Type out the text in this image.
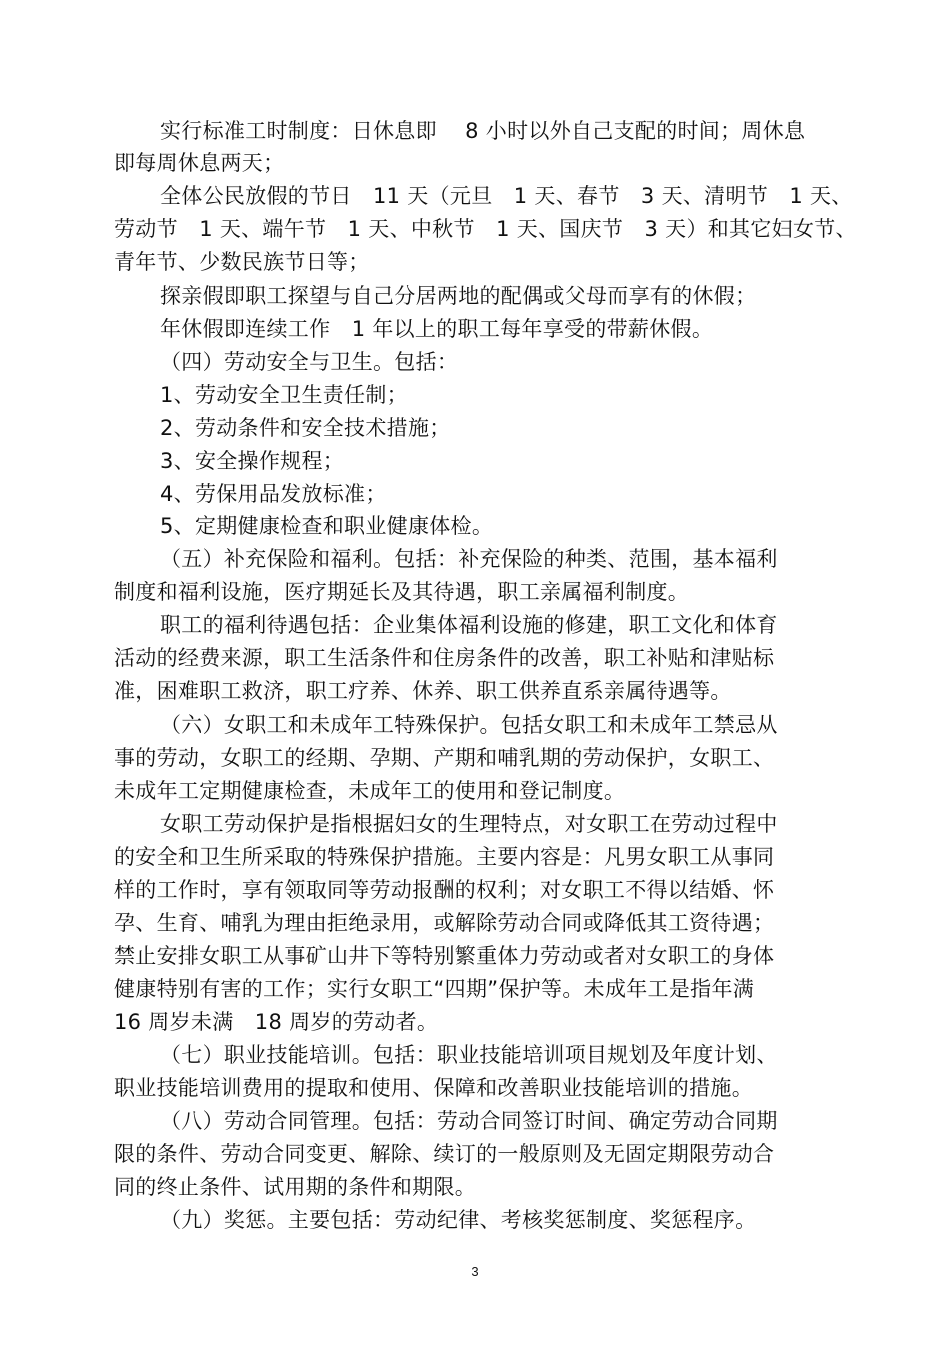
实行标准工时制度：日休息即　 8 小时以外自己支配的时间；周休息
即每周休息两天；
全体公民放假的节日　11 天（元旦　1 天、春节　3 天、清明节　1 天、
劳动节　1 天、端午节　1 天、中秋节　1 天、国庆节　3 天）和其它妇女节、
青年节、少数民族节日等；
探亲假即职工探望与自己分居两地的配偶或父母而享有的休假；
年休假即连续工作　1 年以上的职工每年享受的带薪休假。
（四）劳动安全与卫生。包括：
1、劳动安全卫生责任制；
2、劳动条件和安全技术措施；
3、安全操作规程；
4、劳保用品发放标准；
5、定期健康检查和职业健康体检。
（五）补充保险和福利。包括：补充保险的种类、范围，基本福利
制度和福利设施，医疗期延长及其待遇，职工亲属福利制度。
职工的福利待遇包括：企业集体福利设施的修建，职工文化和体育
活动的经费来源，职工生活条件和住房条件的改善，职工补贴和津贴标
准，困难职工救济，职工疗养、休养、职工供养直系亲属待遇等。
（六）女职工和未成年工特殊保护。包括女职工和未成年工禁忌从
事的劳动，女职工的经期、孕期、产期和哺乳期的劳动保护，女职工、
未成年工定期健康检查，未成年工的使用和登记制度。
女职工劳动保护是指根据妇女的生理特点，对女职工在劳动过程中
的安全和卫生所采取的特殊保护措施。主要内容是：凡男女职工从事同
样的工作时，享有领取同等劳动报酬的权利；对女职工不得以结婚、怀
孕、生育、哺乳为理由拒绝录用，或解除劳动合同或降低其工资待遇；
禁止安排女职工从事矿山井下等特别繁重体力劳动或者对女职工的身体
健康特别有害的工作；实行女职工“四期”保护等。未成年工是指年满
16 周岁未满　18 周岁的劳动者。
（七）职业技能培训。包括：职业技能培训项目规划及年度计划、
职业技能培训费用的提取和使用、保障和改善职业技能培训的措施。
（八）劳动合同管理。包括：劳动合同签订时间、确定劳动合同期
限的条件、劳动合同变更、解除、续订的一般原则及无固定期限劳动合
同的终止条件、试用期的条件和期限。
（九）奖惩。主要包括：劳动纪律、考核奖惩制度、奖惩程序。
3
